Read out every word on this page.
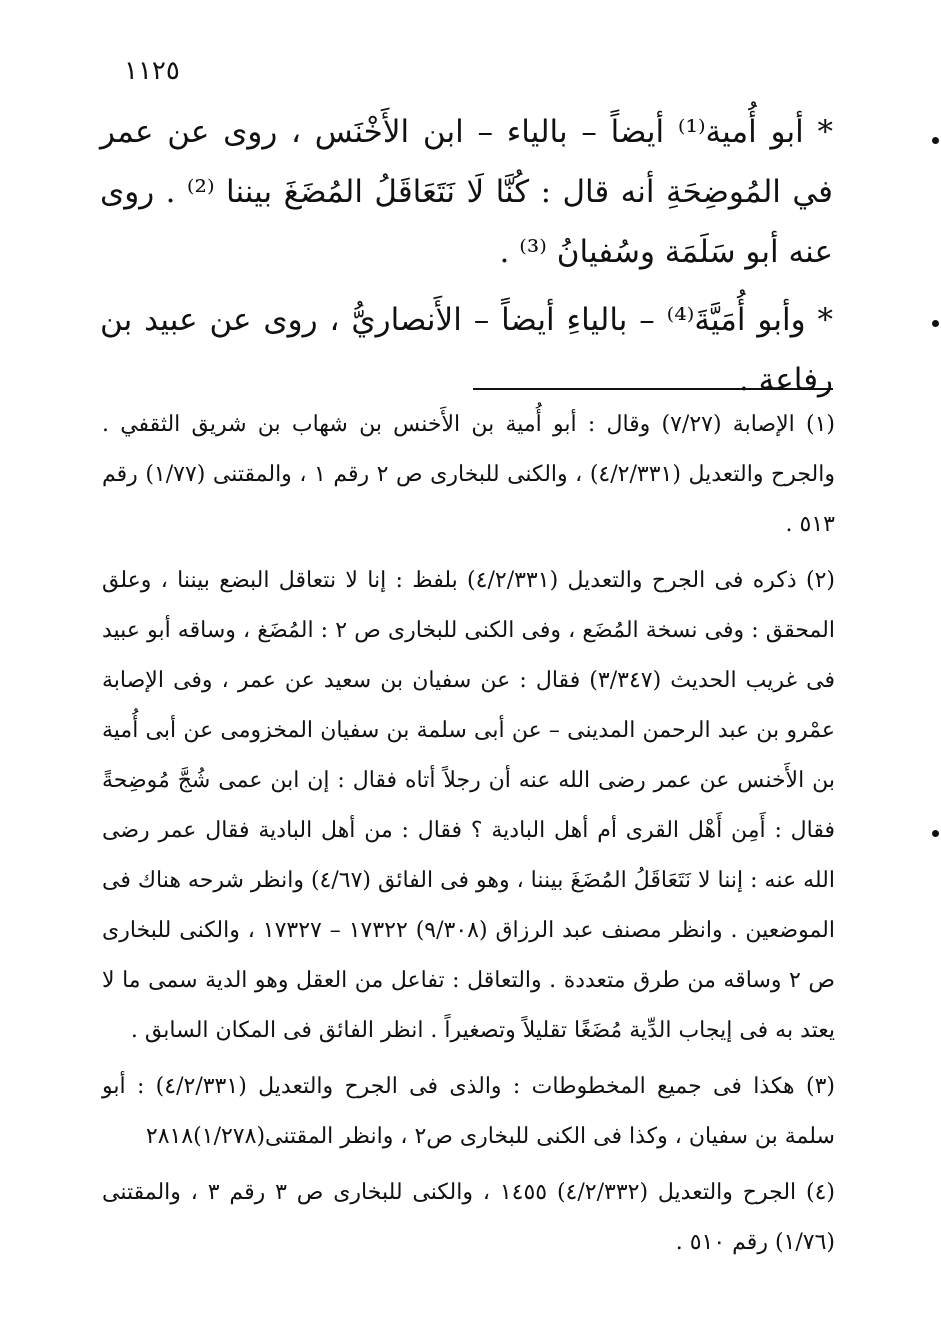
١١٢٥

* أبو أُمية⁽¹⁾ أيضاً – بالياء – ابن الأَخْنَس ، روى عن عمر في المُوضِحَةِ أنه قال : كُنَّا لَا نَتَعَاقَلُ المُضَغَ بيننا ⁽²⁾ . روى عنه أبو سَلَمَة وسُفيانُ ⁽³⁾ .

* وأبو أُمَيَّةَ⁽⁴⁾ – بالياءِ أيضاً – الأَنصاريُّ ، روى عن عبيد بن رفاعة .

(١) الإصابة (٧/٢٧) وقال : أبو أُمية بن الأَخنس بن شهاب بن شريق الثقفي . والجرح والتعديل (٤/٢/٣٣١) ، والكنى للبخارى ص ٢ رقم ١ ، والمقتنى (١/٧٧) رقم ٥١٣ .

(٢) ذكره فى الجرح والتعديل (٤/٢/٣٣١) بلفظ : إنا لا نتعاقل البضع بيننا ، وعلق المحقق : وفى نسخة المُضَع ، وفى الكنى للبخارى ص ٢ : المُضَغ ، وساقه أبو عبيد فى غريب الحديث (٣/٣٤٧) فقال : عن سفيان بن سعيد عن عمر ، وفى الإصابة عمْرو بن عبد الرحمن المدينى – عن أبى سلمة بن سفيان المخزومى عن أبى أُمية بن الأَخنس عن عمر رضى الله عنه أن رجلاً أتاه فقال : إن ابن عمى شُجَّ مُوضِحةً فقال : أَمِن أَهْل القرى أم أهل البادية ؟ فقال : من أهل البادية فقال عمر رضى الله عنه : إننا لا نَتَعَاقَلُ المُضَغَ بيننا ، وهو فى الفائق (٤/٦٧) وانظر شرحه هناك فى الموضعين . وانظر مصنف عبد الرزاق (٩/٣٠٨) ١٧٣٢٢ – ١٧٣٢٧ ، والكنى للبخارى ص ٢ وساقه من طرق متعددة . والتعاقل : تفاعل من العقل وهو الدية سمى ما لا يعتد به فى إيجاب الدِّية مُضَغًا تقليلاً وتصغيراً . انظر الفائق فى المكان السابق .

(٣) هكذا فى جميع المخطوطات : والذى فى الجرح والتعديل (٤/٢/٣٣١) : أبو سلمة بن سفيان ، وكذا فى الكنى للبخارى ص٢ ، وانظر المقتنى(١/٢٧٨)٢٨١٨

(٤) الجرح والتعديل (٤/٢/٣٣٢) ١٤٥٥ ، والكنى للبخارى ص ٣ رقم ٣ ، والمقتنى (١/٧٦) رقم ٥١٠ .
